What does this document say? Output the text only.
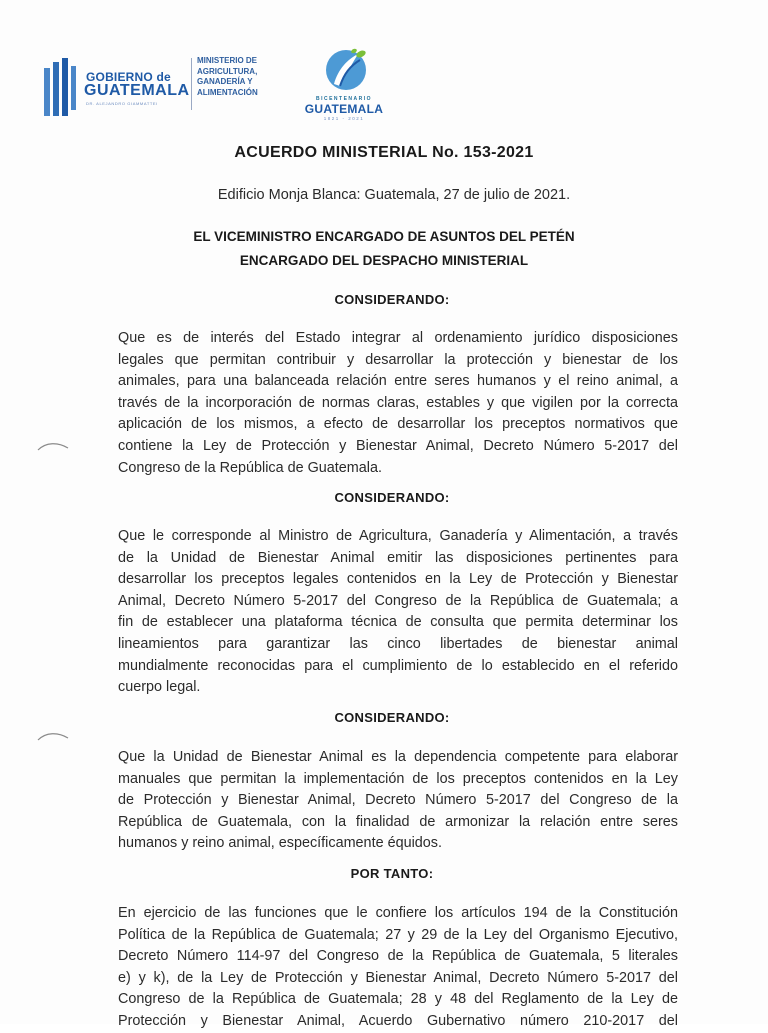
GOBIERNO de
GUATEMALA
DR. ALEJANDRO GIAMMATTEI
MINISTERIO DE
AGRICULTURA,
GANADERÍA Y
ALIMENTACIÓN
BICENTENARIO
GUATEMALA
1821 - 2021
ACUERDO MINISTERIAL No. 153-2021
Edificio Monja Blanca: Guatemala, 27 de julio de 2021.
EL VICEMINISTRO ENCARGADO DE ASUNTOS DEL PETÉN
ENCARGADO DEL DESPACHO MINISTERIAL
CONSIDERANDO:
Que es de interés del Estado integrar al ordenamiento jurídico disposiciones
legales que permitan contribuir y desarrollar la protección y bienestar de los
animales, para una balanceada relación entre seres humanos y el reino animal, a
través de la incorporación de normas claras, estables y que vigilen por la correcta
aplicación de los mismos, a efecto de desarrollar los preceptos normativos que
contiene la Ley de Protección y Bienestar Animal, Decreto Número 5-2017 del
Congreso de la República de Guatemala.
CONSIDERANDO:
Que le corresponde al Ministro de Agricultura, Ganadería y Alimentación, a través
de la Unidad de Bienestar Animal emitir las disposiciones pertinentes para
desarrollar los preceptos legales contenidos en la Ley de Protección y Bienestar
Animal, Decreto Número 5-2017 del Congreso de la República de Guatemala; a
fin de establecer una plataforma técnica de consulta que permita determinar los
lineamientos para garantizar las cinco libertades de bienestar animal
mundialmente reconocidas para el cumplimiento de lo establecido en el referido
cuerpo legal.
CONSIDERANDO:
Que la Unidad de Bienestar Animal es la dependencia competente para elaborar
manuales que permitan la implementación de los preceptos contenidos en la Ley
de Protección y Bienestar Animal, Decreto Número 5-2017 del Congreso de la
República de Guatemala, con la finalidad de armonizar la relación entre seres
humanos y reino animal, específicamente équidos.
POR TANTO:
En ejercicio de las funciones que le confiere los artículos 194 de la Constitución
Política de la República de Guatemala; 27 y 29 de la Ley del Organismo Ejecutivo,
Decreto Número 114-97 del Congreso de la República de Guatemala, 5 literales
e) y k), de la Ley de Protección y Bienestar Animal, Decreto Número 5-2017 del
Congreso de la República de Guatemala; 28 y 48 del Reglamento de la Ley de
Protección y Bienestar Animal, Acuerdo Gubernativo número 210-2017 del
